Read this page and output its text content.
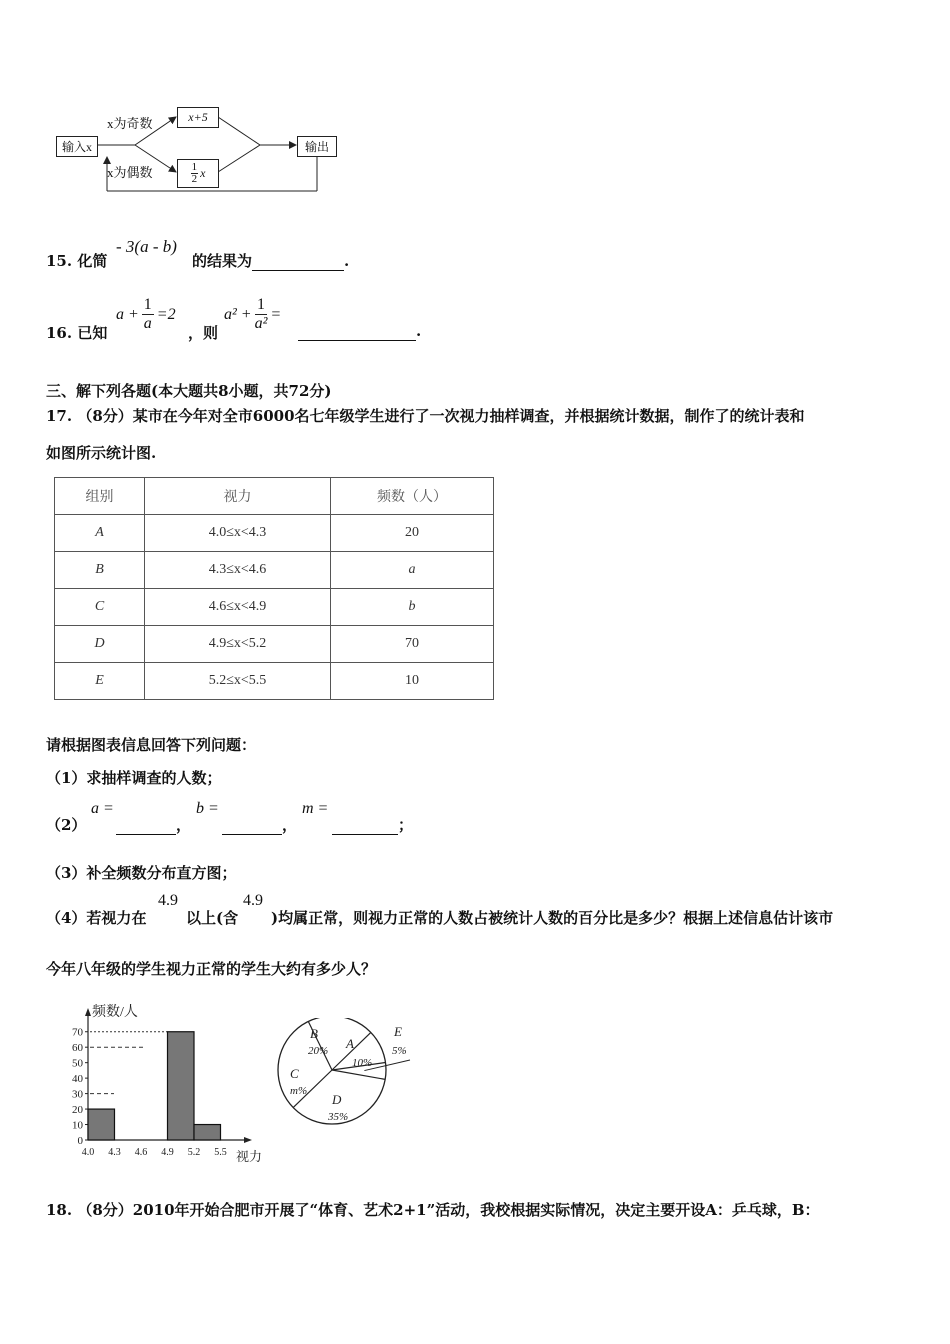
输入x
x为奇数
x为偶数
x+5
$\frac{1}{2}$ x
输出
15. 化简
- 3(a - b)
的结果为	.
16. 已知
$a + \frac{1}{a} =2$
，则
$a^2 + \frac{1}{\text{a²}}$ =
.
三、解下列各题(本大题共8小题，共72分)
17. （8分）某市在今年对全市6000名七年级学生进行了一次视力抽样调查，并根据统计数据，制作了的统计表和
如图所示统计图.
组别	视力	频数（人）
A	4.0≤x<4.3	20
B	4.3≤x<4.6	a
C	4.6≤x<4.9	b
D	4.9≤x<5.2	70
E	5.2≤x<5.5	10
请根据图表信息回答下列问题：
（1）求抽样调查的人数；
（2）
a =
，
b =
，
m =
；
（3）补全频数分布直方图；
（4）若视力在
4.9
以上(含
4.9
)均属正常，则视力正常的人数占被统计人数的百分比是多少？根据上述信息估计该市
今年八年级的学生视力正常的学生大约有多少人？
0
10
20
30
40
50
60
70
4.0 4.3 4.6 4.9 5.2 5.5
频数/人
视力
B
20% A
10%
C
m%
D
35%
E
5%
18. （8分）2010年开始合肥市开展了“体育、艺术2+1”活动，我校根据实际情况，决定主要开设A：乒乓球，B：
